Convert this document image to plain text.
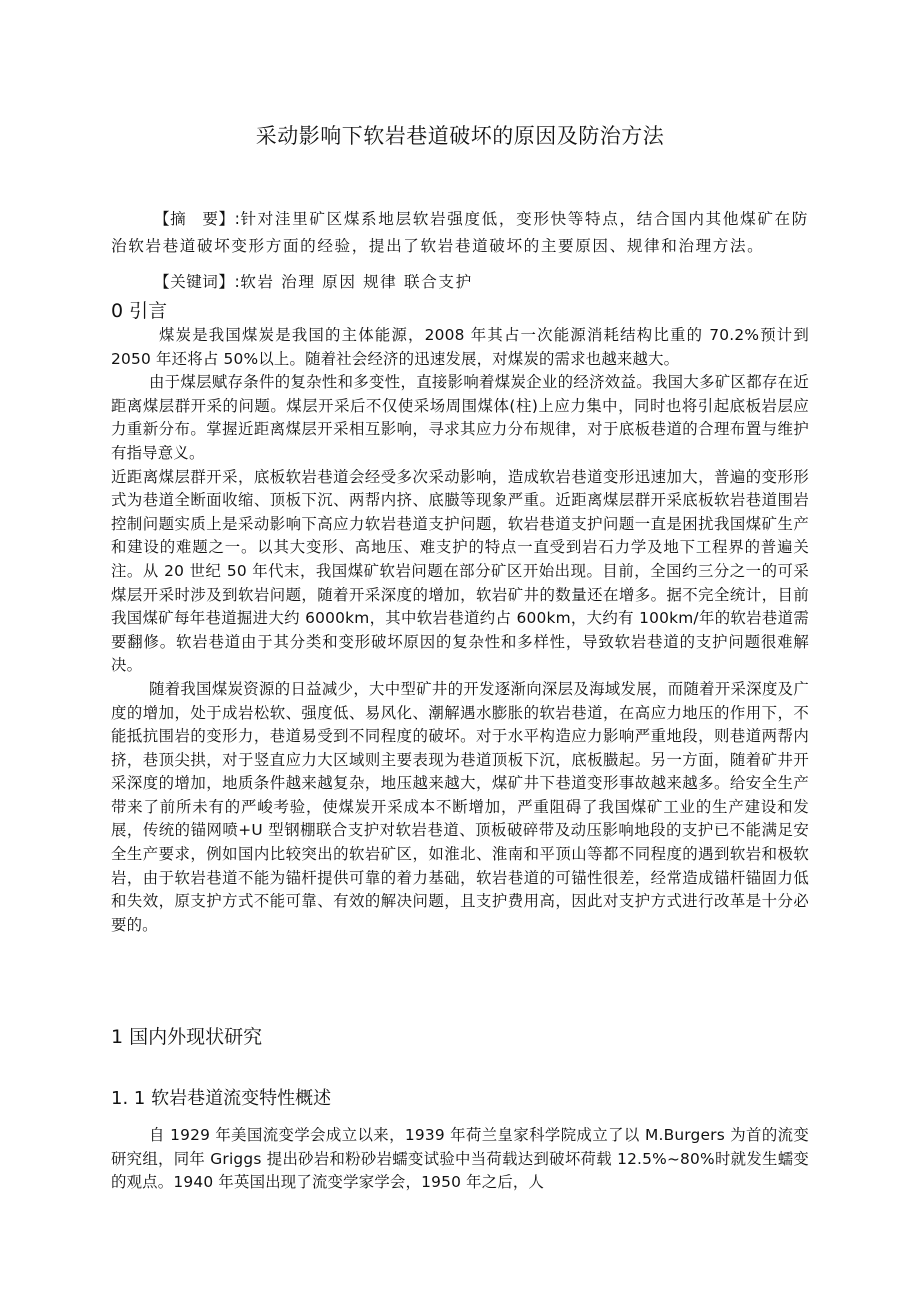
采动影响下软岩巷道破坏的原因及防治方法

【摘　要】:针对洼里矿区煤系地层软岩强度低，变形快等特点，结合国内其他煤矿在防治软岩巷道破坏变形方面的经验，提出了软岩巷道破坏的主要原因、规律和治理方法。

【关键词】:软岩 治理 原因 规律 联合支护

0 引言

煤炭是我国煤炭是我国的主体能源，2008 年其占一次能源消耗结构比重的 70.2%预计到 2050 年还将占 50%以上。随着社会经济的迅速发展，对煤炭的需求也越来越大。

由于煤层赋存条件的复杂性和多变性，直接影响着煤炭企业的经济效益。我国大多矿区都存在近距离煤层群开采的问题。煤层开采后不仅使采场周围煤体(柱)上应力集中，同时也将引起底板岩层应力重新分布。掌握近距离煤层开采相互影响，寻求其应力分布规律，对于底板巷道的合理布置与维护有指导意义。

近距离煤层群开采，底板软岩巷道会经受多次采动影响，造成软岩巷道变形迅速加大，普遍的变形形式为巷道全断面收缩、顶板下沉、两帮内挤、底臌等现象严重。近距离煤层群开采底板软岩巷道围岩控制问题实质上是采动影响下高应力软岩巷道支护问题，软岩巷道支护问题一直是困扰我国煤矿生产和建设的难题之一。以其大变形、高地压、难支护的特点一直受到岩石力学及地下工程界的普遍关注。从 20 世纪 50 年代末，我国煤矿软岩问题在部分矿区开始出现。目前，全国约三分之一的可采煤层开采时涉及到软岩问题，随着开采深度的增加，软岩矿井的数量还在增多。据不完全统计，目前我国煤矿每年巷道掘进大约 6000km，其中软岩巷道约占 600km，大约有 100km/年的软岩巷道需要翻修。软岩巷道由于其分类和变形破坏原因的复杂性和多样性，导致软岩巷道的支护问题很难解决。

随着我国煤炭资源的日益减少，大中型矿井的开发逐渐向深层及海域发展，而随着开采深度及广度的增加，处于成岩松软、强度低、易风化、潮解遇水膨胀的软岩巷道，在高应力地压的作用下，不能抵抗围岩的变形力，巷道易受到不同程度的破坏。对于水平构造应力影响严重地段，则巷道两帮内挤，巷顶尖拱，对于竖直应力大区域则主要表现为巷道顶板下沉，底板臌起。另一方面，随着矿井开采深度的增加，地质条件越来越复杂，地压越来越大，煤矿井下巷道变形事故越来越多。给安全生产带来了前所未有的严峻考验，使煤炭开采成本不断增加，严重阻碍了我国煤矿工业的生产建设和发展，传统的锚网喷+U 型钢棚联合支护对软岩巷道、顶板破碎带及动压影响地段的支护已不能满足安全生产要求，例如国内比较突出的软岩矿区，如淮北、淮南和平顶山等都不同程度的遇到软岩和极软岩，由于软岩巷道不能为锚杆提供可靠的着力基础，软岩巷道的可锚性很差，经常造成锚杆锚固力低和失效，原支护方式不能可靠、有效的解决问题，且支护费用高，因此对支护方式进行改革是十分必要的。

1 国内外现状研究
1. 1 软岩巷道流变特性概述

自 1929 年美国流变学会成立以来，1939 年荷兰皇家科学院成立了以 M.Burgers 为首的流变研究组，同年 Griggs 提出砂岩和粉砂岩蠕变试验中当荷载达到破坏荷载 12.5%~80%时就发生蠕变的观点。1940 年英国出现了流变学家学会，1950 年之后，人
